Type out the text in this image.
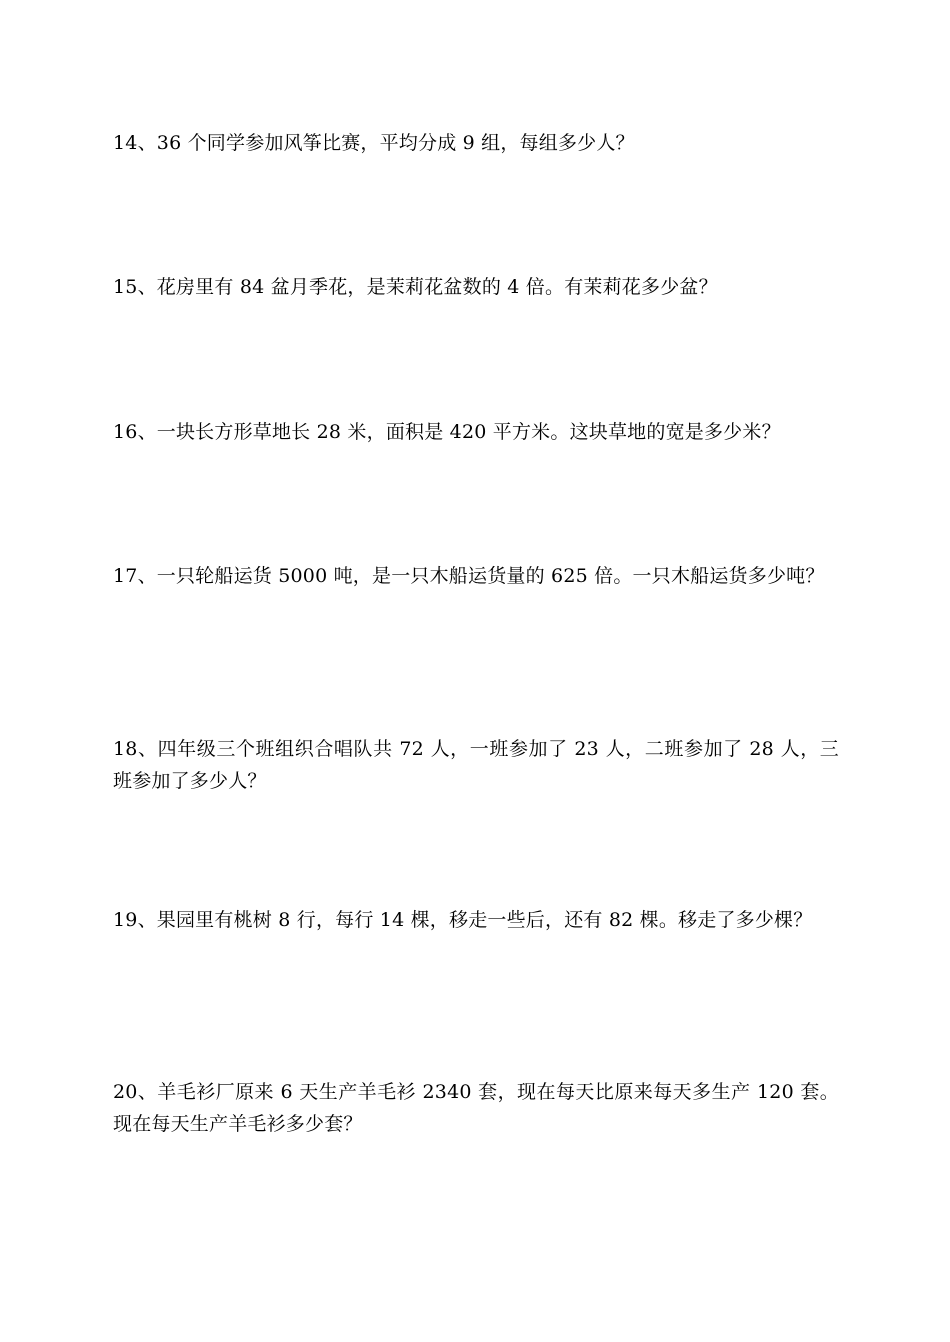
14、36 个同学参加风筝比赛，平均分成 9 组，每组多少人？

15、花房里有 84 盆月季花，是茉莉花盆数的 4 倍。有茉莉花多少盆？

16、一块长方形草地长 28 米，面积是 420 平方米。这块草地的宽是多少米？

17、一只轮船运货 5000 吨，是一只木船运货量的 625 倍。一只木船运货多少吨？

18、四年级三个班组织合唱队共 72 人，一班参加了 23 人，二班参加了 28 人，三班参加了多少人？

19、果园里有桃树 8 行，每行 14 棵，移走一些后，还有 82 棵。移走了多少棵？

20、羊毛衫厂原来 6 天生产羊毛衫 2340 套，现在每天比原来每天多生产 120 套。现在每天生产羊毛衫多少套？
